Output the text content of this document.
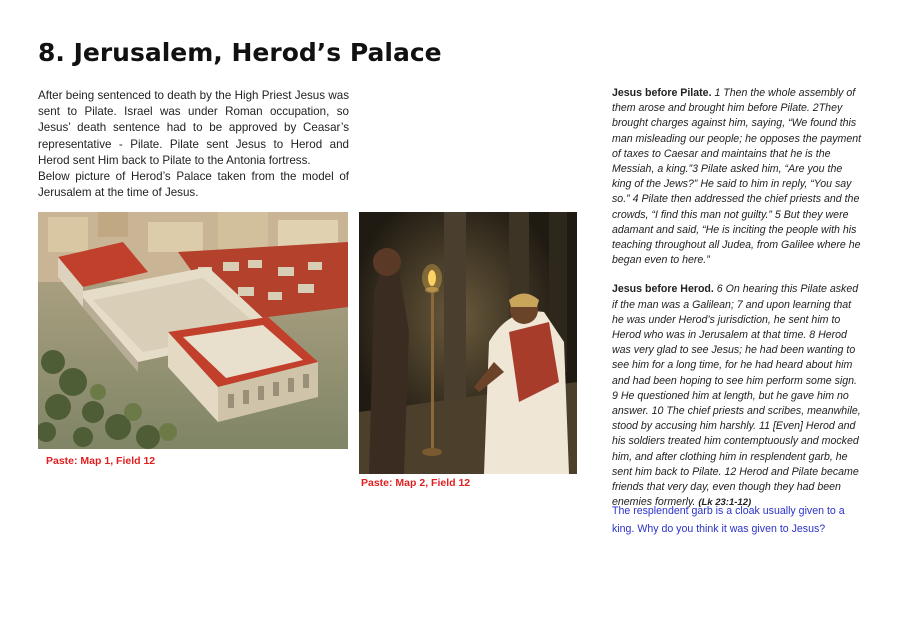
8. Jerusalem, Herod’s Palace

After being sentenced to death by the High Priest Jesus was sent to Pilate. Israel was under Roman occupation, so Jesus’ death sentence had to be approved by Ceasar’s representative - Pilate. Pilate sent Jesus to Herod and Herod sent Him back to Pilate to the Antonia fortress.

Below picture of Herod’s Palace taken from the model of Jerusalem at the time of Jesus.

Paste: Map 1, Field 12
Paste: Map 2, Field 12

Jesus before Pilate. 1 Then the whole assembly of them arose and brought him before Pilate. 2They brought charges against him, saying, “We found this man misleading our people; he opposes the payment of taxes to Caesar and maintains that he is the Messiah, a king.”3 Pilate asked him, “Are you the king of the Jews?” He said to him in reply, “You say so.” 4 Pilate then addressed the chief priests and the crowds, “I find this man not guilty.” 5 But they were adamant and said, “He is inciting the people with his teaching throughout all Judea, from Galilee where he began even to here.”

Jesus before Herod. 6 On hearing this Pilate asked if the man was a Galilean; 7 and upon learning that he was under Herod’s jurisdiction, he sent him to Herod who was in Jerusalem at that time. 8 Herod was very glad to see Jesus; he had been wanting to see him for a long time, for he had heard about him and had been hoping to see him perform some sign. 9 He questioned him at length, but he gave him no answer. 10 The chief priests and scribes, meanwhile, stood by accusing him harshly. 11 [Even] Herod and his soldiers treated him contemptuously and mocked him, and after clothing him in resplendent garb, he sent him back to Pilate. 12 Herod and Pilate became friends that very day, even though they had been enemies formerly. (Lk 23:1-12)

The resplendent garb is a cloak usually given to a king. Why do you think it was given to Jesus?
